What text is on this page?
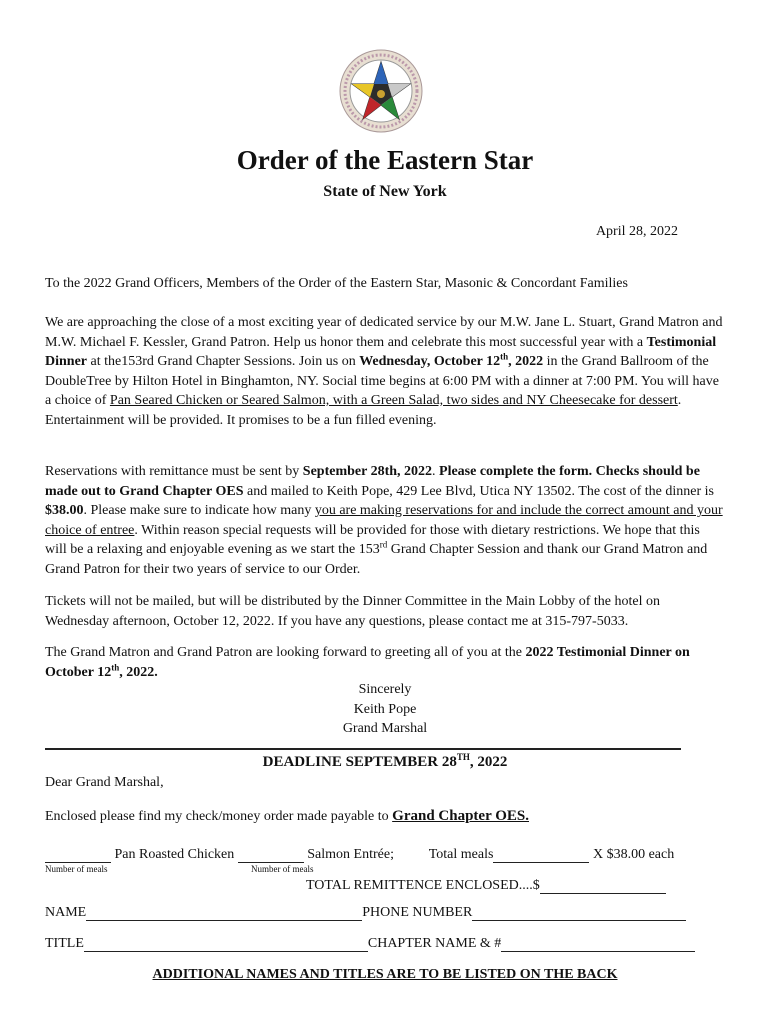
Order of the Eastern Star
State of New York
April 28, 2022
To the 2022 Grand Officers, Members of the Order of the Eastern Star, Masonic & Concordant Families
We are approaching the close of a most exciting year of dedicated service by our M.W. Jane L. Stuart, Grand Matron and M.W. Michael F. Kessler, Grand Patron. Help us honor them and celebrate this most successful year with a Testimonial Dinner at the153rd Grand Chapter Sessions. Join us on Wednesday, October 12th, 2022 in the Grand Ballroom of the DoubleTree by Hilton Hotel in Binghamton, NY. Social time begins at 6:00 PM with a dinner at 7:00 PM. You will have a choice of Pan Seared Chicken or Seared Salmon, with a Green Salad, two sides and NY Cheesecake for dessert. Entertainment will be provided. It promises to be a fun filled evening.
Reservations with remittance must be sent by September 28th, 2022. Please complete the form. Checks should be made out to Grand Chapter OES and mailed to Keith Pope, 429 Lee Blvd, Utica NY 13502. The cost of the dinner is $38.00. Please make sure to indicate how many you are making reservations for and include the correct amount and your choice of entree. Within reason special requests will be provided for those with dietary restrictions. We hope that this will be a relaxing and enjoyable evening as we start the 153rd Grand Chapter Session and thank our Grand Matron and Grand Patron for their two years of service to our Order.
Tickets will not be mailed, but will be distributed by the Dinner Committee in the Main Lobby of the hotel on Wednesday afternoon, October 12, 2022. If you have any questions, please contact me at 315-797-5033.
The Grand Matron and Grand Patron are looking forward to greeting all of you at the 2022 Testimonial Dinner on October 12th, 2022.
Sincerely
Keith Pope
Grand Marshal
DEADLINE SEPTEMBER 28TH, 2022
Dear Grand Marshal,
Enclosed please find my check/money order made payable to Grand Chapter OES.
Pan Roasted Chicken	Salmon Entrée; Total meals	X $38.00 each
Number of meals	Number of meals
TOTAL REMITTENCE ENCLOSED....$
NAME	PHONE NUMBER
TITLE	CHAPTER NAME & #
ADDITIONAL NAMES AND TITLES ARE TO BE LISTED ON THE BACK
